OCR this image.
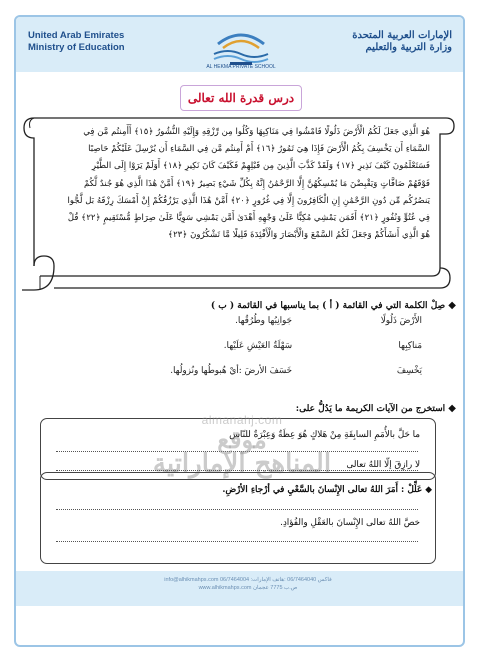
United Arab Emirates
Ministry of Education
الإمارات العربية المتحدة
وزارة التربية والتعليم
AL HEKMA PRIVATE SCHOOL
درس قدرة الله تعالى
هُوَ الَّذِي جَعَلَ لَكُمُ الْأَرْضَ ذَلُولًا فَامْشُوا فِي مَنَاكِبِهَا وَكُلُوا مِن رِّزْقِهِ وَإِلَيْهِ النُّشُورُ ﴿١٥﴾ أَأَمِنتُم مَّن فِي
السَّمَاءِ أَن يَخْسِفَ بِكُمُ الْأَرْضَ فَإِذَا هِيَ تَمُورُ ﴿١٦﴾ أَمْ أَمِنتُم مَّن فِي السَّمَاءِ أَن يُرْسِلَ عَلَيْكُمْ حَاصِبًا
فَسَتَعْلَمُونَ كَيْفَ نَذِيرِ ﴿١٧﴾ وَلَقَدْ كَذَّبَ الَّذِينَ مِن قَبْلِهِمْ فَكَيْفَ كَانَ نَكِيرِ ﴿١٨﴾ أَوَلَمْ يَرَوْا إِلَى الطَّيْرِ
فَوْقَهُمْ صَافَّاتٍ وَيَقْبِضْنَ مَا يُمْسِكُهُنَّ إِلَّا الرَّحْمَٰنُ إِنَّهُ بِكُلِّ شَيْءٍ بَصِيرٌ ﴿١٩﴾ أَمَّنْ هَٰذَا الَّذِي هُوَ جُندٌ لَّكُمْ
يَنصُرُكُم مِّن دُونِ الرَّحْمَٰنِ إِنِ الْكَافِرُونَ إِلَّا فِي غُرُورٍ ﴿٢٠﴾ أَمَّنْ هَٰذَا الَّذِي يَرْزُقُكُمْ إِنْ أَمْسَكَ رِزْقَهُ بَل لَّجُّوا
فِي عُتُوٍّ وَنُفُورٍ ﴿٢١﴾ أَفَمَن يَمْشِي مُكِبًّا عَلَىٰ وَجْهِهِ أَهْدَىٰ أَمَّن يَمْشِي سَوِيًّا عَلَىٰ صِرَاطٍ مُّسْتَقِيمٍ ﴿٢٢﴾ قُلْ
هُوَ الَّذِي أَنشَأَكُمْ وَجَعَلَ لَكُمُ السَّمْعَ وَالْأَبْصَارَ وَالْأَفْئِدَةَ قَلِيلًا مَّا تَشْكُرُونَ ﴿٢٣﴾
◆ صِلْ الكلمة التي في القائمة ( أ ) بما يناسبها في القائمة ( ب )
الأَرْضَ ذَلُولًا
جَوانِبُها وطُرُقُها.
مَناكِبِها
سَهْلَةٌ العَيْشِ عَلَيْها.
يَخْسِفَ
خَسَفَ الأرضَ :أيْ هُبوطُها ونُزولُها.
◆ استخرج من الآيات الكريمة ما يَدُلُّ على:
ما حَلَّ بالأُمَمِ السابِقَةِ مِنْ هَلاكٍ هُوَ عِظَةٌ وَعِبْرَةٌ للنّاس
لا رازِقَ إلّا اللهُ تعالى
almanahj.com
موقع
المناهج الإماراتية
◆ عَلِّلْ : أَمَرَ اللهُ تعالى الإِنْسانَ بالسَّعْيِ في أرْجاءِ الأرْضِ.
خصَّ اللهُ تعالى الإِنْسانَ بالعَقْلِ والفُؤادِ.
info@alhikmahps.com 06/7464004 :فاكس 06/7464040 :هاتف الإمارات
www.alhikmahps.com ص.ب 7775 عجمان
